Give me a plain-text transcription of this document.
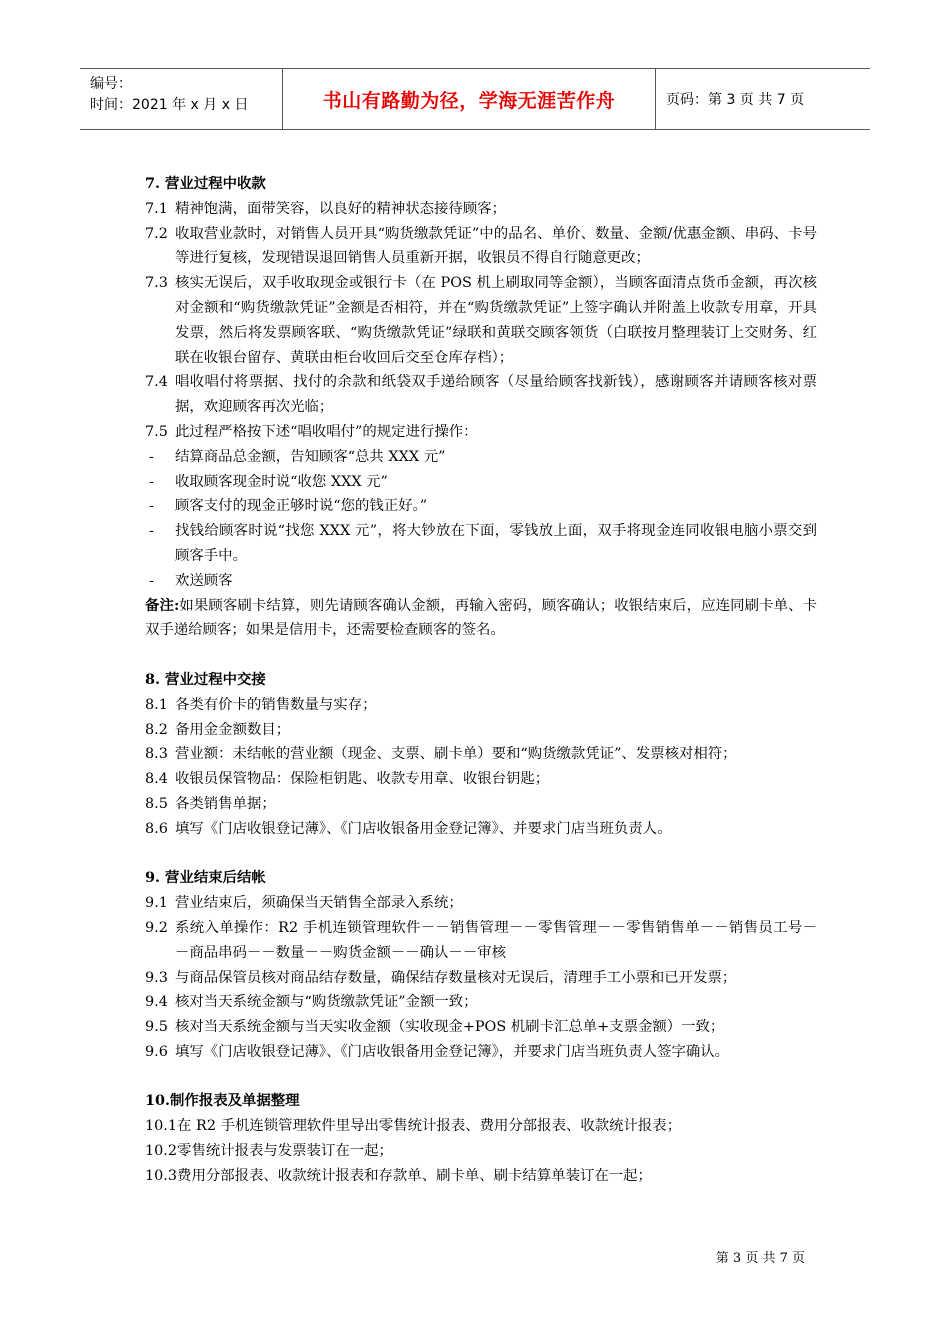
编号：
时间：2021 年 x 月 x 日	书山有路勤为径，学海无涯苦作舟	页码：第 3 页 共 7 页
7. 营业过程中收款
7.1 精神饱满，面带笑容，以良好的精神状态接待顾客；
7.2 收取营业款时，对销售人员开具“购货缴款凭证”中的品名、单价、数量、金额/优惠金额、串码、卡号等进行复核，发现错误退回销售人员重新开据，收银员不得自行随意更改；
7.3 核实无误后，双手收取现金或银行卡（在 POS 机上刷取同等金额），当顾客面清点货币金额，再次核对金额和“购货缴款凭证”金额是否相符，并在“购货缴款凭证”上签字确认并附盖上收款专用章，开具发票，然后将发票顾客联、“购货缴款凭证”绿联和黄联交顾客领货（白联按月整理装订上交财务、红联在收银台留存、黄联由柜台收回后交至仓库存档）；
7.4 唱收唱付将票据、找付的余款和纸袋双手递给顾客（尽量给顾客找新钱），感谢顾客并请顾客核对票据，欢迎顾客再次光临；
7.5 此过程严格按下述“唱收唱付”的规定进行操作：
-	结算商品总金额，告知顾客“总共 XXX 元”
-	收取顾客现金时说“收您 XXX 元”
-	顾客支付的现金正够时说“您的钱正好。”
-	找钱给顾客时说“找您 XXX 元”，将大钞放在下面，零钱放上面，双手将现金连同收银电脑小票交到顾客手中。
-	欢送顾客
备注:如果顾客刷卡结算，则先请顾客确认金额，再输入密码，顾客确认；收银结束后，应连同刷卡单、卡双手递给顾客；如果是信用卡，还需要检查顾客的签名。
8. 营业过程中交接
8.1 各类有价卡的销售数量与实存；
8.2 备用金金额数目；
8.3 营业额：未结帐的营业额（现金、支票、刷卡单）要和“购货缴款凭证”、发票核对相符；
8.4 收银员保管物品：保险柜钥匙、收款专用章、收银台钥匙；
8.5 各类销售单据；
8.6 填写《门店收银登记薄》、《门店收银备用金登记簿》、并要求门店当班负责人。
9. 营业结束后结帐
9.1 营业结束后，须确保当天销售全部录入系统；
9.2 系统入单操作：R2 手机连锁管理软件－－销售管理－－零售管理－－零售销售单－－销售员工号－－商品串码－－数量－－购货金额－－确认－－审核
9.3 与商品保管员核对商品结存数量，确保结存数量核对无误后，清理手工小票和已开发票；
9.4 核对当天系统金额与“购货缴款凭证”金额一致；
9.5 核对当天系统金额与当天实收金额（实收现金+POS 机刷卡汇总单+支票金额）一致；
9.6 填写《门店收银登记薄》、《门店收银备用金登记簿》，并要求门店当班负责人签字确认。
10.制作报表及单据整理
10.1 在 R2 手机连锁管理软件里导出零售统计报表、费用分部报表、收款统计报表；
10.2 零售统计报表与发票装订在一起；
10.3 费用分部报表、收款统计报表和存款单、刷卡单、刷卡结算单装订在一起；
第 3 页 共 7 页
